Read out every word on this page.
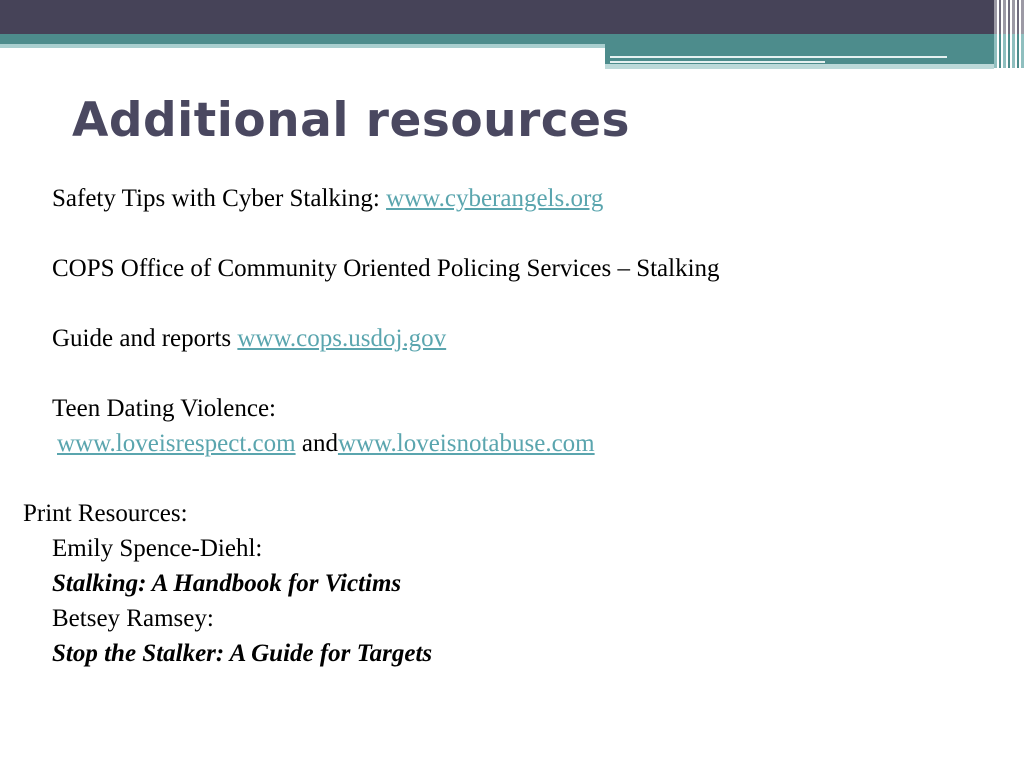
Additional resources
Safety Tips with Cyber Stalking: www.cyberangels.org
COPS Office of Community Oriented Policing Services – Stalking
Guide and reports www.cops.usdoj.gov
Teen Dating Violence:
www.loveisrespect.com andwww.loveisnotabuse.com
Print Resources:
Emily Spence-Diehl:
Stalking: A Handbook for Victims
Betsey Ramsey:
Stop the Stalker: A Guide for Targets
